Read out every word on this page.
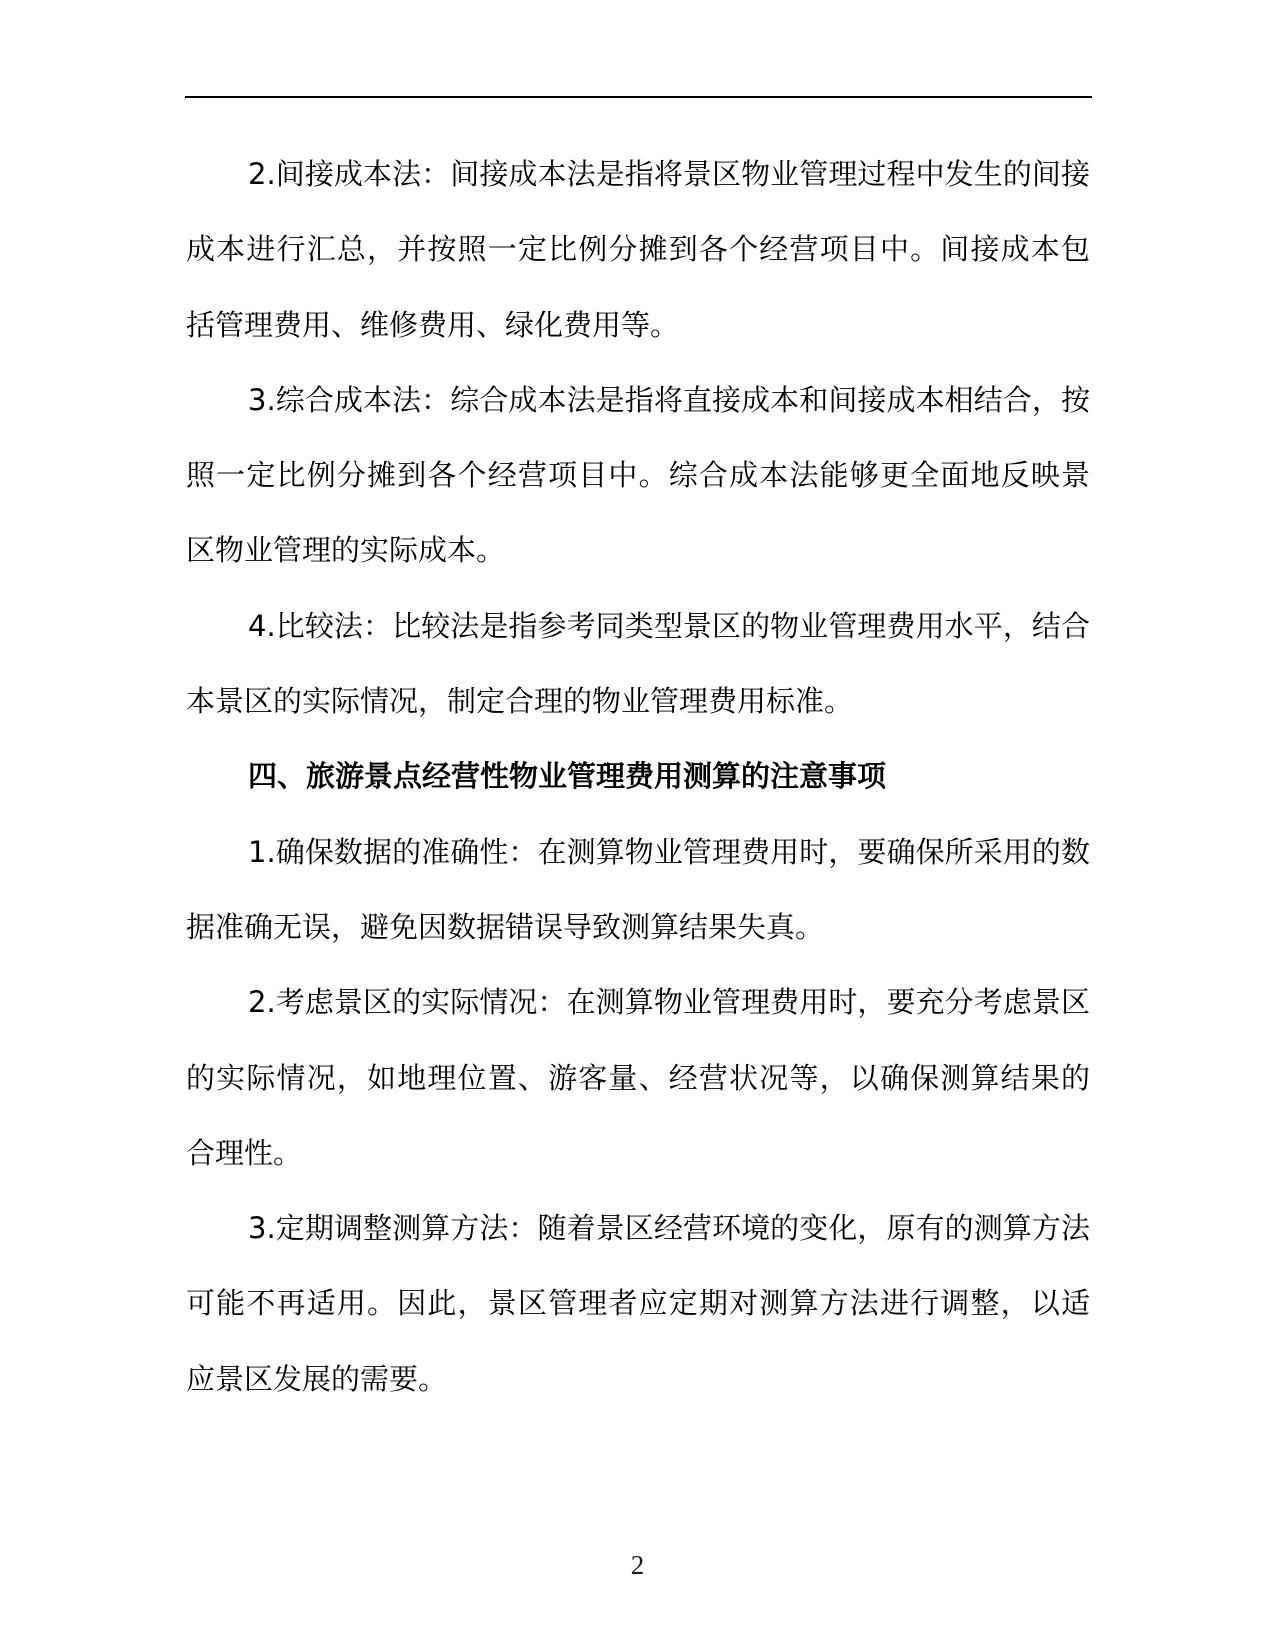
2.间接成本法：间接成本法是指将景区物业管理过程中发生的间接
成本进行汇总，并按照一定比例分摊到各个经营项目中。间接成本包
括管理费用、维修费用、绿化费用等。
3.综合成本法：综合成本法是指将直接成本和间接成本相结合，按
照一定比例分摊到各个经营项目中。综合成本法能够更全面地反映景
区物业管理的实际成本。
4.比较法：比较法是指参考同类型景区的物业管理费用水平，结合
本景区的实际情况，制定合理的物业管理费用标准。
四、旅游景点经营性物业管理费用测算的注意事项
1.确保数据的准确性：在测算物业管理费用时，要确保所采用的数
据准确无误，避免因数据错误导致测算结果失真。
2.考虑景区的实际情况：在测算物业管理费用时，要充分考虑景区
的实际情况，如地理位置、游客量、经营状况等，以确保测算结果的
合理性。
3.定期调整测算方法：随着景区经营环境的变化，原有的测算方法
可能不再适用。因此，景区管理者应定期对测算方法进行调整，以适
应景区发展的需要。
2
